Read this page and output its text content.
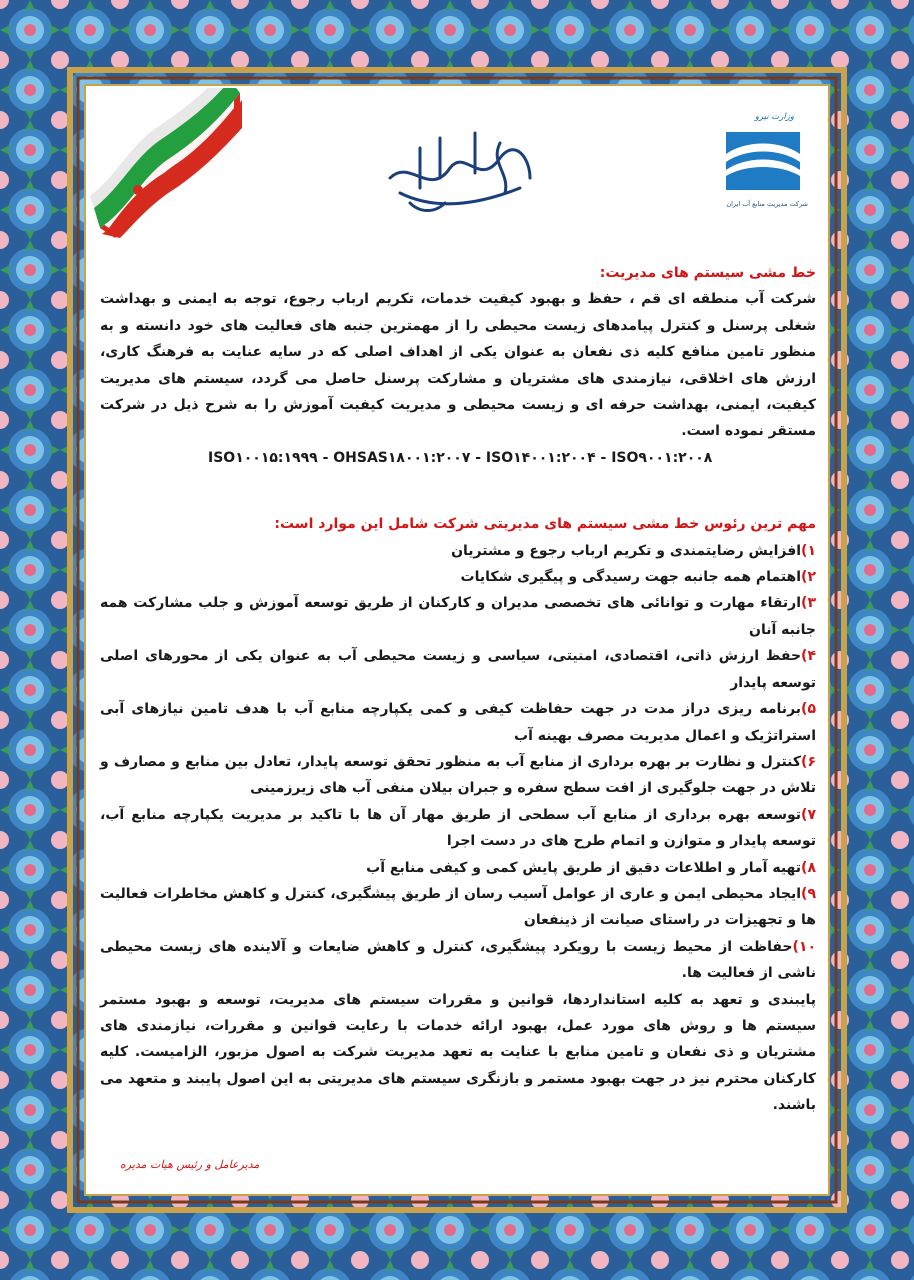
وزارت نیرو
شرکت مدیریت منابع آب ایران

خط مشی سیستم های مدیریت:

شرکت آب منطقه ای قم ، حفظ و بهبود کیفیت خدمات، تکریم ارباب رجوع، توجه به ایمنی و بهداشت شغلی پرسنل و کنترل پیامدهای زیست محیطی را از مهمترین جنبه های فعالیت های خود دانسته و به منظور تامین منافع کلیه ذی نفعان به عنوان یکی از اهداف اصلی که در سایه عنایت به فرهنگ کاری، ارزش های اخلاقی، نیازمندی های مشتریان و مشارکت پرسنل حاصل می گردد، سیستم های مدیریت کیفیت، ایمنی، بهداشت حرفه ای و زیست محیطی و مدیریت کیفیت آموزش را به شرح ذیل در شرکت مستقر نموده است.

ISO۱۰۰۱۵:۱۹۹۹ - OHSAS۱۸۰۰۱:۲۰۰۷ - ISO۱۴۰۰۱:۲۰۰۴ - ISO۹۰۰۱:۲۰۰۸

مهم ترین رئوس خط مشی سیستم های مدیریتی شرکت شامل این موارد است:

۱)افزایش رضایتمندی و تکریم ارباب رجوع و مشتریان

۲)اهتمام همه جانبه جهت رسیدگی و پیگیری شکایات

۳)ارتقاء مهارت و توانائی های تخصصی مدیران و کارکنان از طریق توسعه آموزش و جلب مشارکت همه جانبه آنان

۴)حفظ ارزش ذاتی، اقتصادی، امنیتی، سیاسی و زیست محیطی آب به عنوان یکی از محورهای اصلی توسعه پایدار

۵)برنامه ریزی دراز مدت در جهت حفاظت کیفی و کمی یکپارچه منابع آب با هدف تامین نیازهای آبی استراتژیک و اعمال مدیریت مصرف بهینه آب

۶)کنترل و نظارت بر بهره برداری از منابع آب به منظور تحقق توسعه پایدار، تعادل بین منابع و مصارف و تلاش در جهت جلوگیری از افت سطح سفره و جبران بیلان منفی آب های زیرزمینی

۷)توسعه بهره برداری از منابع آب سطحی از طریق مهار آن ها با تاکید بر مدیریت یکپارچه منابع آب، توسعه پایدار و متوازن و اتمام طرح های در دست اجرا

۸)تهیه آمار و اطلاعات دقیق از طریق پایش کمی و کیفی منابع آب

۹)ایجاد محیطی ایمن و عاری از عوامل آسیب رسان از طریق پیشگیری، کنترل و کاهش مخاطرات فعالیت ها و تجهیزات در راستای صیانت از ذینفعان

۱۰)حفاظت از محیط زیست با رویکرد پیشگیری، کنترل و کاهش ضایعات و آلاینده های زیست محیطی ناشی از فعالیت ها.

پایبندی و تعهد به کلیه استانداردها، قوانین و مقررات سیستم های مدیریت، توسعه و بهبود مستمر سیستم ها و روش های مورد عمل، بهبود ارائه خدمات با رعایت قوانین و مقررات، نیازمندی های مشتریان و ذی نفعان و تامین منابع با عنایت به تعهد مدیریت شرکت به اصول مزبور، الزامیست. کلیه کارکنان محترم نیز در جهت بهبود مستمر و بازنگری سیستم های مدیریتی به این اصول پایبند و متعهد می باشند.

مدیرعامل و رئیس هیات مدیره
